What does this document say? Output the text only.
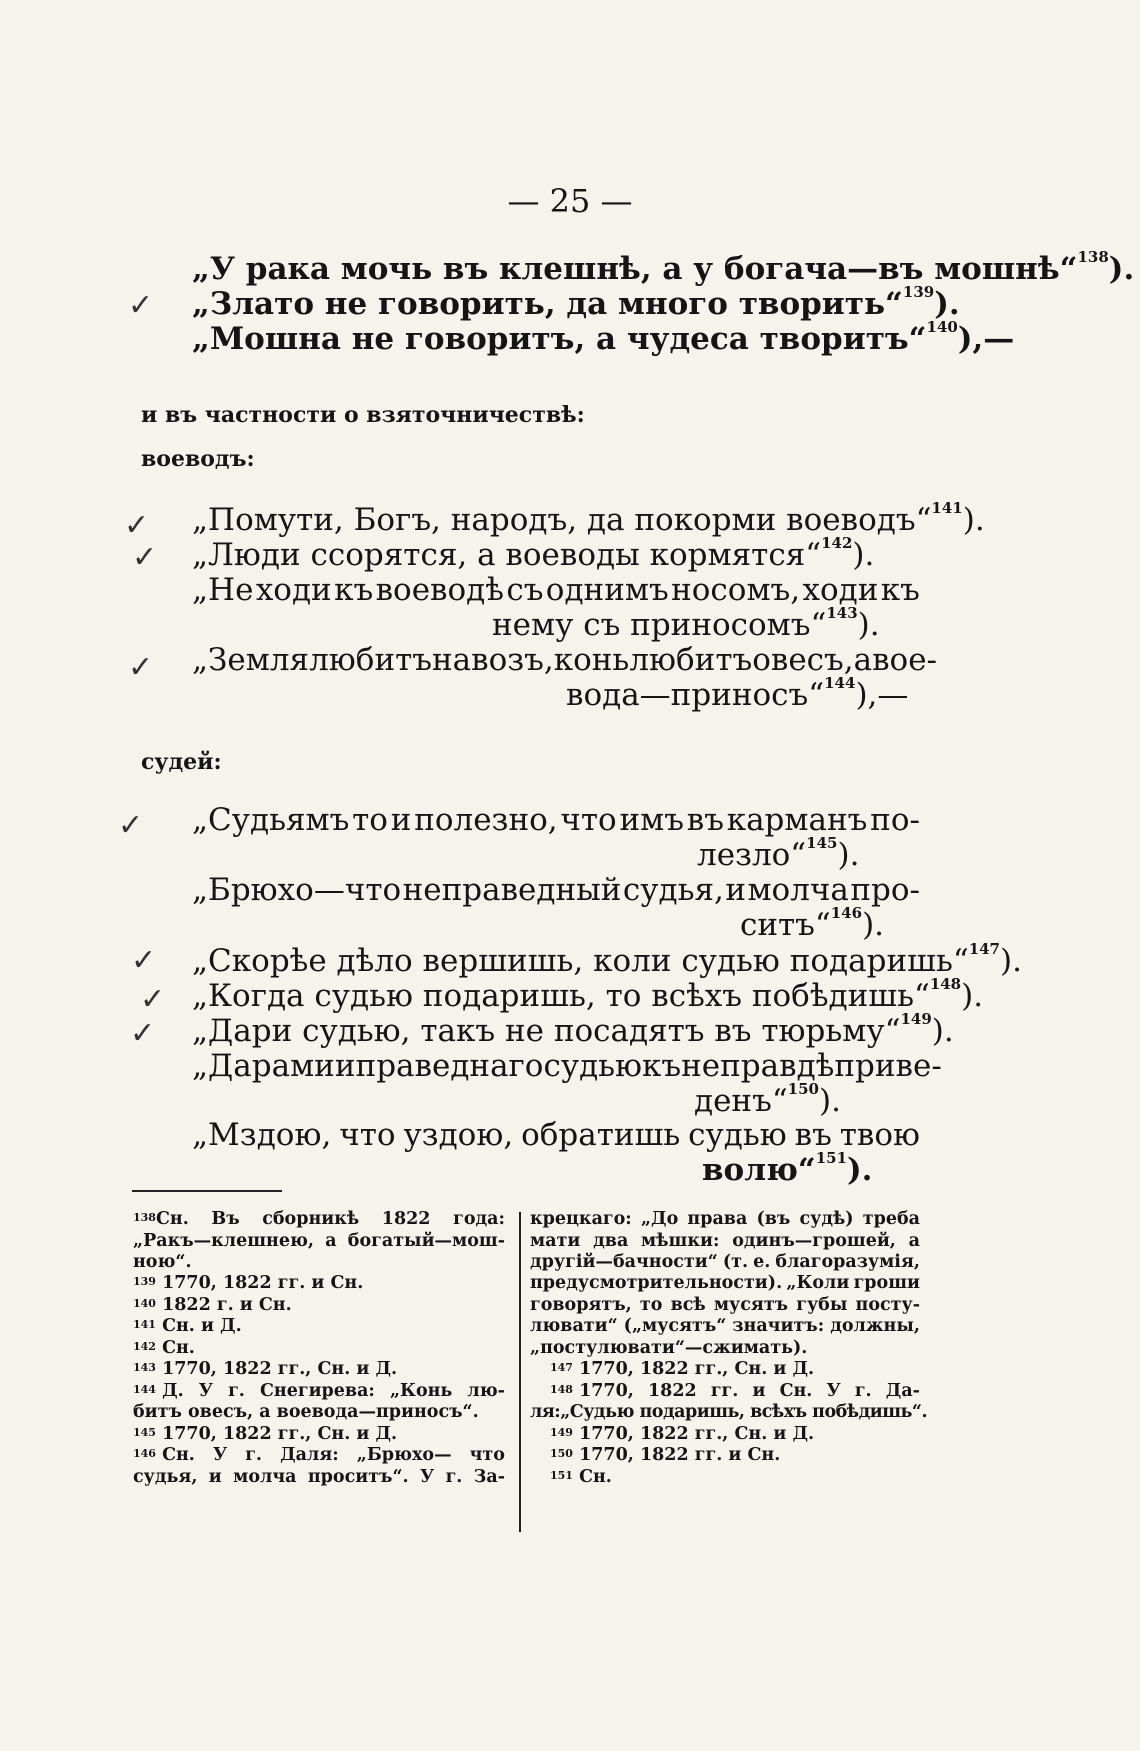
— 25 —
„У рака мочь въ клешнѣ, а у богача—въ мошнѣ“$^{138}$).
„Злато не говорить, да много творить“$^{139}$).
„Мошна не говоритъ, а чудеса творитъ“$^{140}$),—
и въ частности о взяточничествѣ:
воеводъ:
„Помути, Богъ, народъ, да покорми воеводъ“$^{141}$).
„Люди ссорятся, а воеводы кормятся“$^{142}$).
„Не ходи къ воеводѣ съ однимъ носомъ, ходи къ
нему съ приносомъ“$^{143}$).
„Земля любитъ навозъ, конь любитъ овесъ, а вое-
вода—приносъ“$^{144}$),—
судей:
„Судьямъ то и полезно, что имъ въ карманъ по-
лезло“$^{145}$).
„Брюхо—что неправедный судья, и молча про-
ситъ“$^{146}$).
„Скорѣе дѣло вершишь, коли судью подаришь“$^{147}$).
„Когда судью подаришь, то всѣхъ побѣдишь“$^{148}$).
„Дари судью, такъ не посадятъ въ тюрьму“$^{149}$).
„Дарами и праведнаго судью къ неправдѣ приве-
денъ“$^{150}$).
„Мздою, что уздою, обратишь судью въ твою
волю“$^{151}$).
✓
✓
✓
✓
✓
✓
✓
✓
$^{138}$Сн. Въ сборникѣ 1822 года:
„Ракъ—клешнею, а богатый—мош-
ною“.
$^{139}$ 1770, 1822 гг. и Сн.
$^{140}$ 1822 г. и Сн.
$^{141}$ Сн. и Д.
$^{142}$ Сн.
$^{143}$ 1770, 1822 гг., Сн. и Д.
$^{144}$ Д. У г. Снегирева: „Конь лю-
битъ овесъ, а воевода—приносъ“.
$^{145}$ 1770, 1822 гг., Сн. и Д.
$^{146}$ Сн. У г. Даля: „Брюхо— что
судья, и молча проситъ“. У г. За-
крецкаго: „До права (въ судѣ) треба
мати два мѣшки: одинъ—грошей, а
другій—бачности“ (т. е. благоразумія,
предусмотрительности). „Коли гроши
говорятъ, то всѣ мусятъ губы посту-
лювати“ („мусятъ“ значитъ: должны,
„постулювати“—сжимать).
$^{147}$ 1770, 1822 гг., Сн. и Д.
$^{148}$ 1770, 1822 гг. и Сн. У г. Да-
ля:„Судью подаришь, всѣхъ побѣдишь“.
$^{149}$ 1770, 1822 гг., Сн. и Д.
$^{150}$ 1770, 1822 гг. и Сн.
$^{151}$ Сн.
